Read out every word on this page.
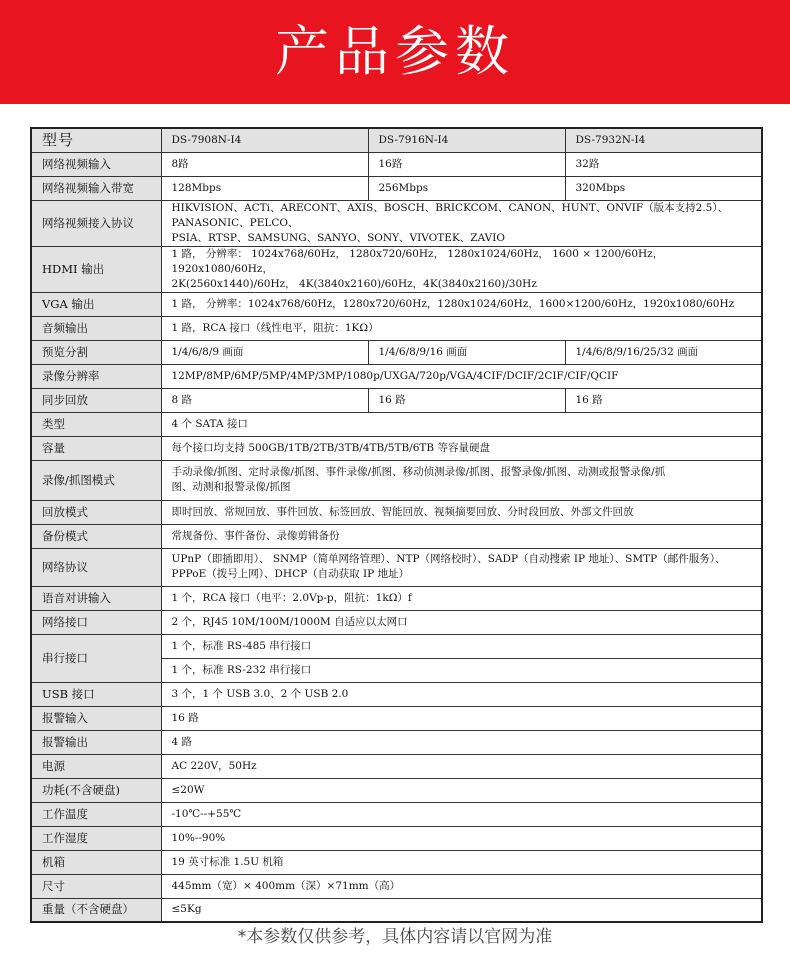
产品参数
型号	DS-7908N-I4	DS-7916N-I4	DS-7932N-I4
网络视频输入	8路	16路	32路
网络视频输入带宽	128Mbps	256Mbps	320Mbps
网络视频接入协议	HIKVISION、ACTi、ARECONT、AXIS、BOSCH、BRICKCOM、CANON、HUNT、ONVIF（版本支持2.5）、PANASONIC、PELCO、
PSIA、RTSP、SAMSUNG、SANYO、SONY、VIVOTEK、ZAVIO		

HDMI 输出	1 路， 分辨率： 1024x768/60Hz， 1280x720/60Hz， 1280x1024/60Hz， 1600 × 1200/60Hz， 1920x1080/60Hz，
2K(2560x1440)/60Hz， 4K(3840x2160)/60Hz，4K(3840x2160)/30Hz		

VGA 输出	1 路， 分辨率：1024x768/60Hz，1280x720/60Hz，1280x1024/60Hz，1600×1200/60Hz，1920x1080/60Hz		
音频输出	1 路，RCA 接口（线性电平，阻抗：1KΩ）		
预览分割	1/4/6/8/9 画面	1/4/6/8/9/16 画面	1/4/6/8/9/16/25/32 画面
录像分辨率	12MP/8MP/6MP/5MP/4MP/3MP/1080p/UXGA/720p/VGA/4CIF/DCIF/2CIF/CIF/QCIF		
同步回放	8 路	16 路	16 路
类型	4 个 SATA 接口		
容量	每个接口均支持 500GB/1TB/2TB/3TB/4TB/5TB/6TB 等容量硬盘		
录像/抓图模式	手动录像/抓图、定时录像/抓图、事件录像/抓图、移动侦测录像/抓图、报警录像/抓图、动测或报警录像/抓
图、动测和报警录像/抓图		

回放模式	即时回放、常规回放、事件回放、标签回放、智能回放、视频摘要回放、分时段回放、外部文件回放		
备份模式	常规备份、事件备份、录像剪辑备份		
网络协议	UPnP（即插即用）、 SNMP（简单网络管理）、NTP（网络校时）、SADP（自动搜索 IP 地址）、SMTP（邮件服务）、
PPPoE（拨号上网）、DHCP（自动获取 IP 地址）		

语音对讲输入	1 个，RCA 接口（电平：2.0Vp-p，阻抗：1kΩ）f		
网络接口	2 个，RJ45 10M/100M/1000M 自适应以太网口		
串行接口	1 个，标准 RS-485 串行接口		
	1 个，标准 RS-232 串行接口		
USB 接口	3 个，1 个 USB 3.0、2 个 USB 2.0		
报警输入	16 路		
报警输出	4 路		
电源	AC 220V，50Hz		
功耗(不含硬盘)	≤20W		
工作温度	-10℃--+55℃		
工作湿度	10%--90%		
机箱	19 英寸标准 1.5U 机箱		
尺寸	445mm（宽）× 400mm（深）×71mm（高）		
重量（不含硬盘）	≤5Kg		
*本参数仅供参考，具体内容请以官网为准
